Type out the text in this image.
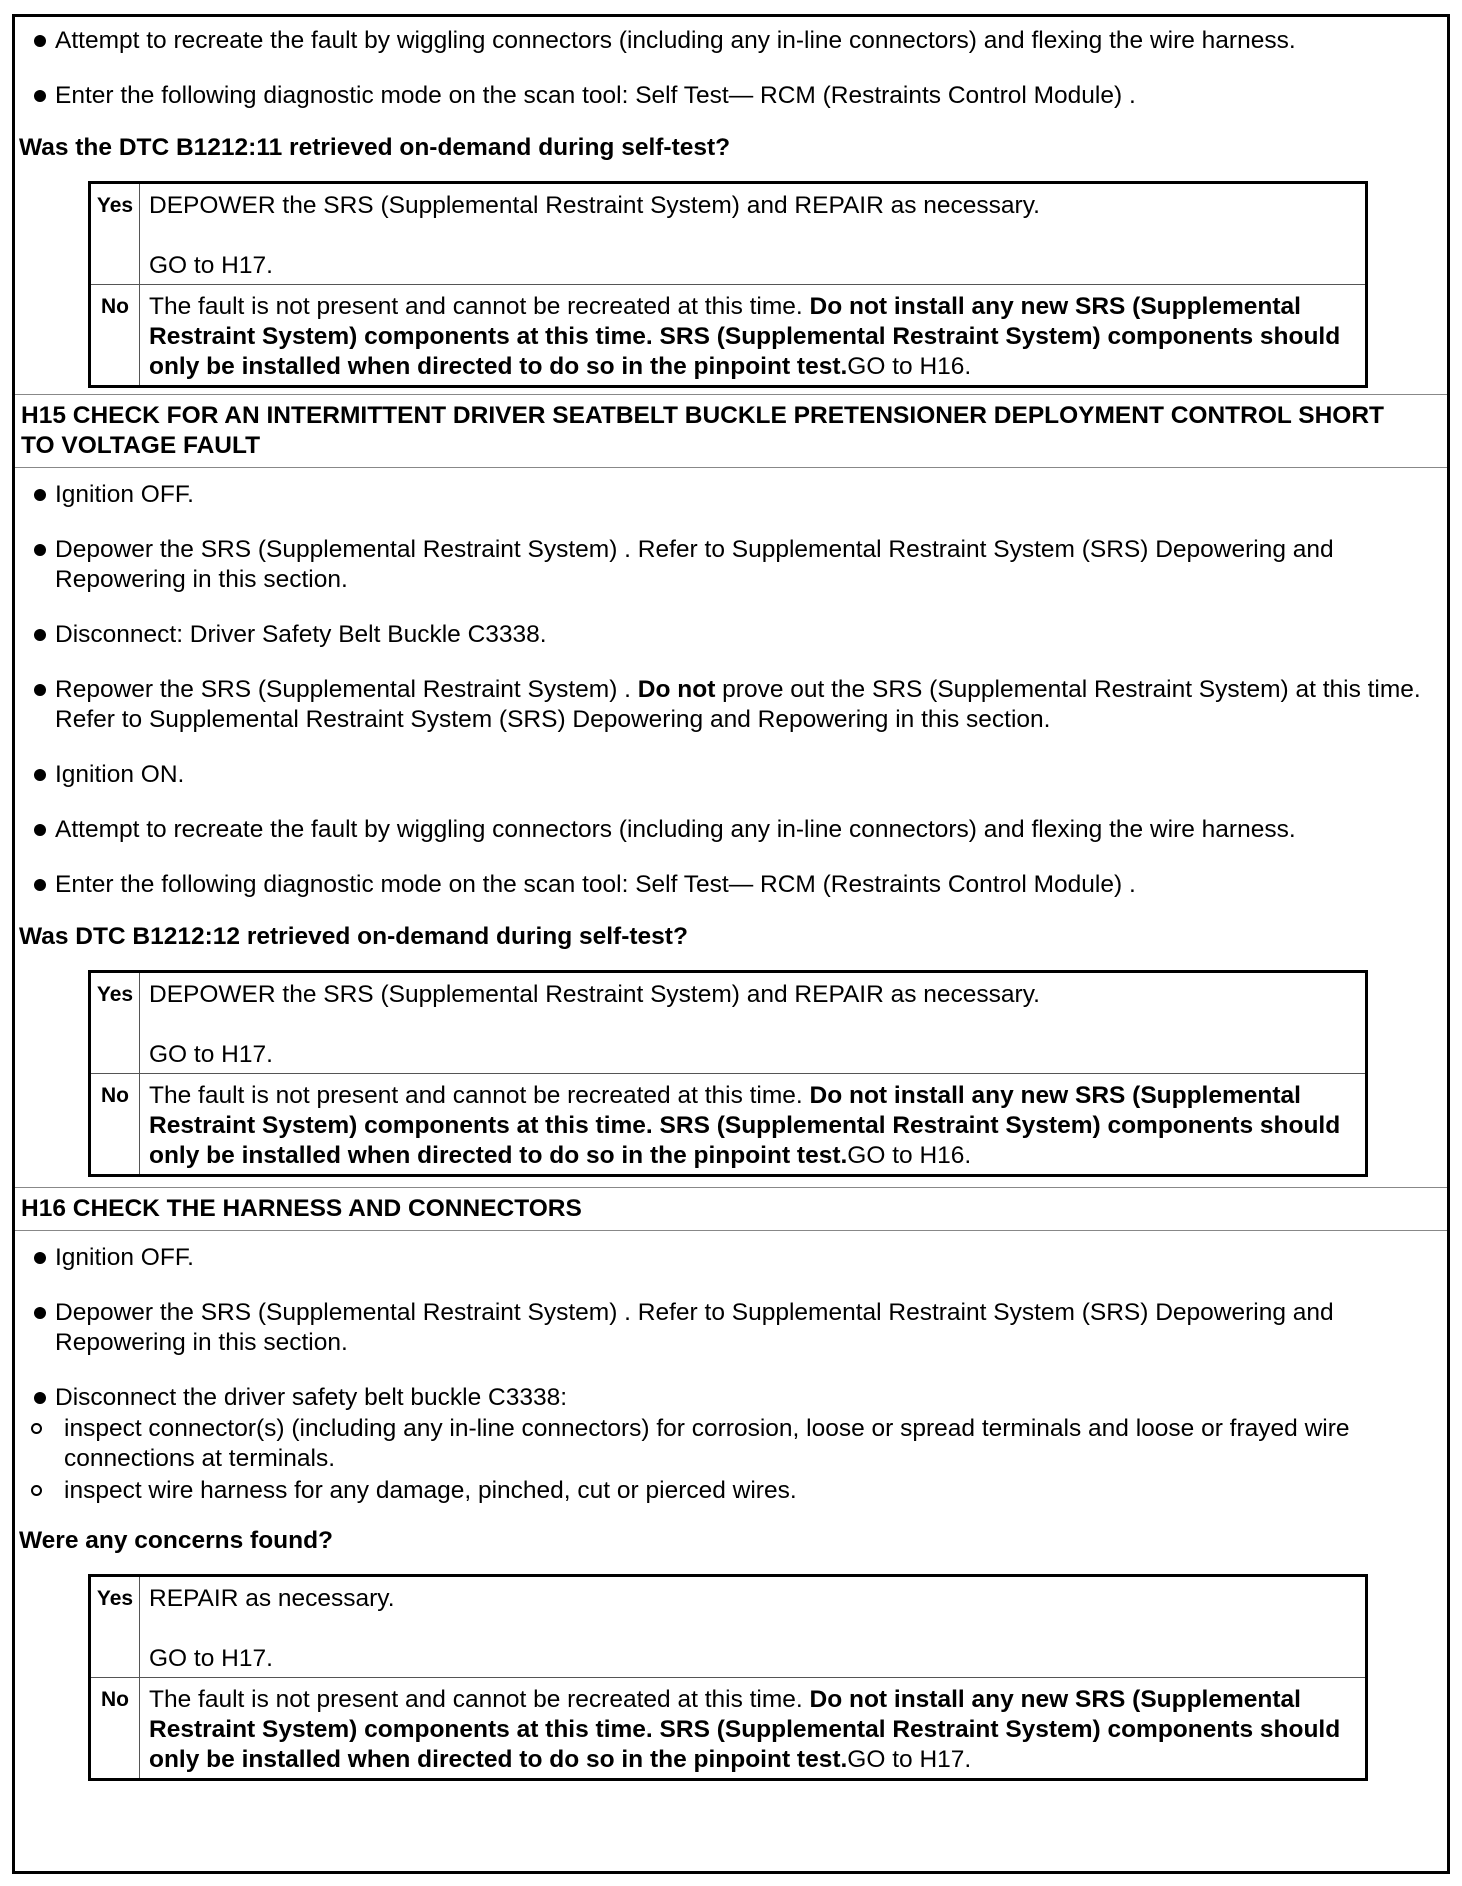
Attempt to recreate the fault by wiggling connectors (including any in-line connectors) and flexing the wire harness.
Enter the following diagnostic mode on the scan tool: Self Test— RCM (Restraints Control Module) .
Was the DTC B1212:11 retrieved on-demand during self-test?
Yes	DEPOWER the SRS (Supplemental Restraint System) and REPAIR as necessary.
GO to H17.
No	The fault is not present and cannot be recreated at this time. Do not install any new SRS (Supplemental Restraint System) components at this time. SRS (Supplemental Restraint System) components should only be installed when directed to do so in the pinpoint test.GO to H16.
H15 CHECK FOR AN INTERMITTENT DRIVER SEATBELT BUCKLE PRETENSIONER DEPLOYMENT CONTROL SHORT TO VOLTAGE FAULT
Ignition OFF.
Depower the SRS (Supplemental Restraint System) . Refer to Supplemental Restraint System (SRS) Depowering and Repowering in this section.
Disconnect: Driver Safety Belt Buckle C3338.
Repower the SRS (Supplemental Restraint System) . Do not prove out the SRS (Supplemental Restraint System) at this time. Refer to Supplemental Restraint System (SRS) Depowering and Repowering in this section.
Ignition ON.
Attempt to recreate the fault by wiggling connectors (including any in-line connectors) and flexing the wire harness.
Enter the following diagnostic mode on the scan tool: Self Test— RCM (Restraints Control Module) .
Was DTC B1212:12 retrieved on-demand during self-test?
Yes	DEPOWER the SRS (Supplemental Restraint System) and REPAIR as necessary.
GO to H17.
No	The fault is not present and cannot be recreated at this time. Do not install any new SRS (Supplemental Restraint System) components at this time. SRS (Supplemental Restraint System) components should only be installed when directed to do so in the pinpoint test.GO to H16.
H16 CHECK THE HARNESS AND CONNECTORS
Ignition OFF.
Depower the SRS (Supplemental Restraint System) . Refer to Supplemental Restraint System (SRS) Depowering and Repowering in this section.
Disconnect the driver safety belt buckle C3338:
inspect connector(s) (including any in-line connectors) for corrosion, loose or spread terminals and loose or frayed wire connections at terminals.
inspect wire harness for any damage, pinched, cut or pierced wires.
Were any concerns found?
Yes	REPAIR as necessary.
GO to H17.
No	The fault is not present and cannot be recreated at this time. Do not install any new SRS (Supplemental Restraint System) components at this time. SRS (Supplemental Restraint System) components should only be installed when directed to do so in the pinpoint test.GO to H17.
